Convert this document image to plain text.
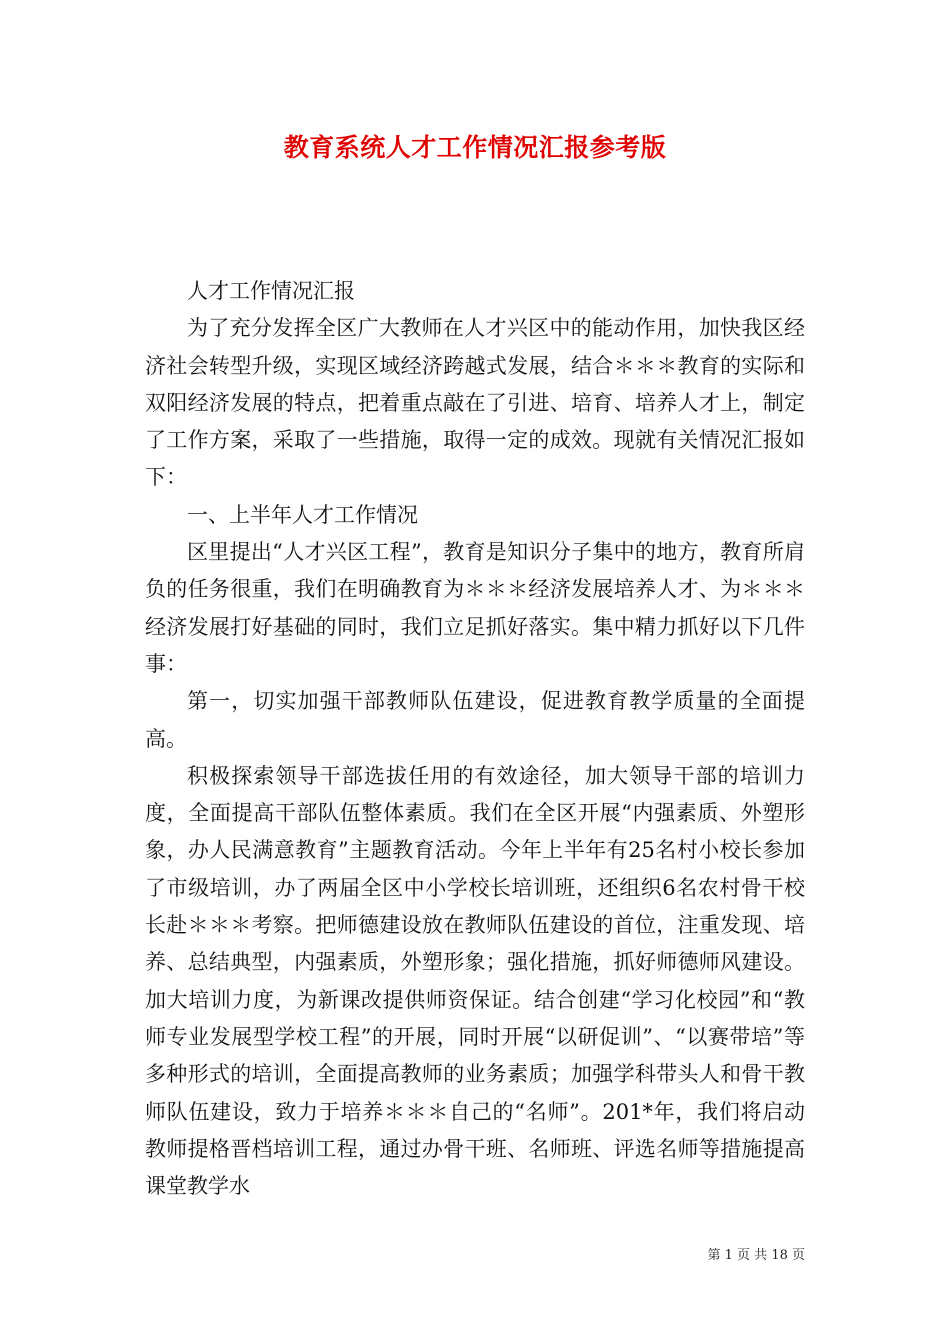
教育系统人才工作情况汇报参考版

人才工作情况汇报

为了充分发挥全区广大教师在人才兴区中的能动作用，加快我区经济社会转型升级，实现区域经济跨越式发展，结合＊＊＊教育的实际和双阳经济发展的特点，把着重点敲在了引进、培育、培养人才上，制定了工作方案，采取了一些措施，取得一定的成效。现就有关情况汇报如下：

一、上半年人才工作情况

区里提出“人才兴区工程”，教育是知识分子集中的地方，教育所肩负的任务很重，我们在明确教育为＊＊＊经济发展培养人才、为＊＊＊经济发展打好基础的同时，我们立足抓好落实。集中精力抓好以下几件事：

第一，切实加强干部教师队伍建设，促进教育教学质量的全面提高。

积极探索领导干部选拔任用的有效途径，加大领导干部的培训力度，全面提高干部队伍整体素质。我们在全区开展“内强素质、外塑形象，办人民满意教育”主题教育活动。今年上半年有25名村小校长参加了市级培训，办了两届全区中小学校长培训班，还组织6名农村骨干校长赴＊＊＊考察。把师德建设放在教师队伍建设的首位，注重发现、培养、总结典型，内强素质，外塑形象；强化措施，抓好师德师风建设。加大培训力度，为新课改提供师资保证。结合创建“学习化校园”和“教师专业发展型学校工程”的开展，同时开展“以研促训”、“以赛带培”等多种形式的培训，全面提高教师的业务素质；加强学科带头人和骨干教师队伍建设，致力于培养＊＊＊自己的“名师”。201*年，我们将启动教师提格晋档培训工程，通过办骨干班、名师班、评选名师等措施提高课堂教学水

第 1 页 共 18 页
